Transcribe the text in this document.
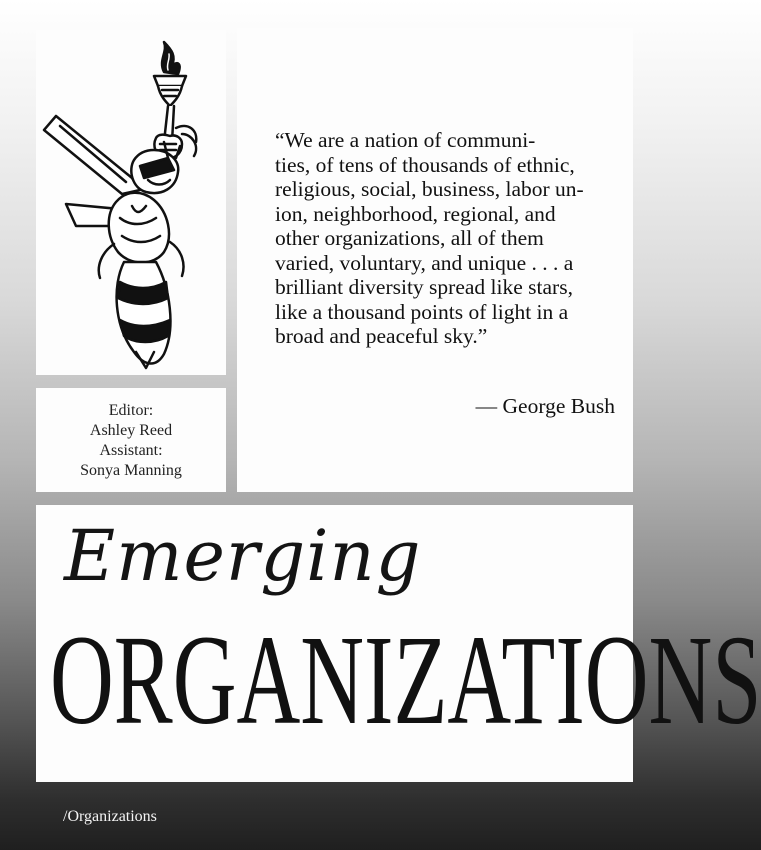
“We are a nation of communi-
ties, of tens of thousands of ethnic,
religious, social, business, labor un-
ion, neighborhood, regional, and
other organizations, all of them
varied, voluntary, and unique . . . a
brilliant diversity spread like stars,
like a thousand points of light in a
broad and peaceful sky.”
— George Bush
Editor:
Ashley Reed
Assistant:
Sonya Manning
Emerging
ORGANIZATIONS
/Organizations
